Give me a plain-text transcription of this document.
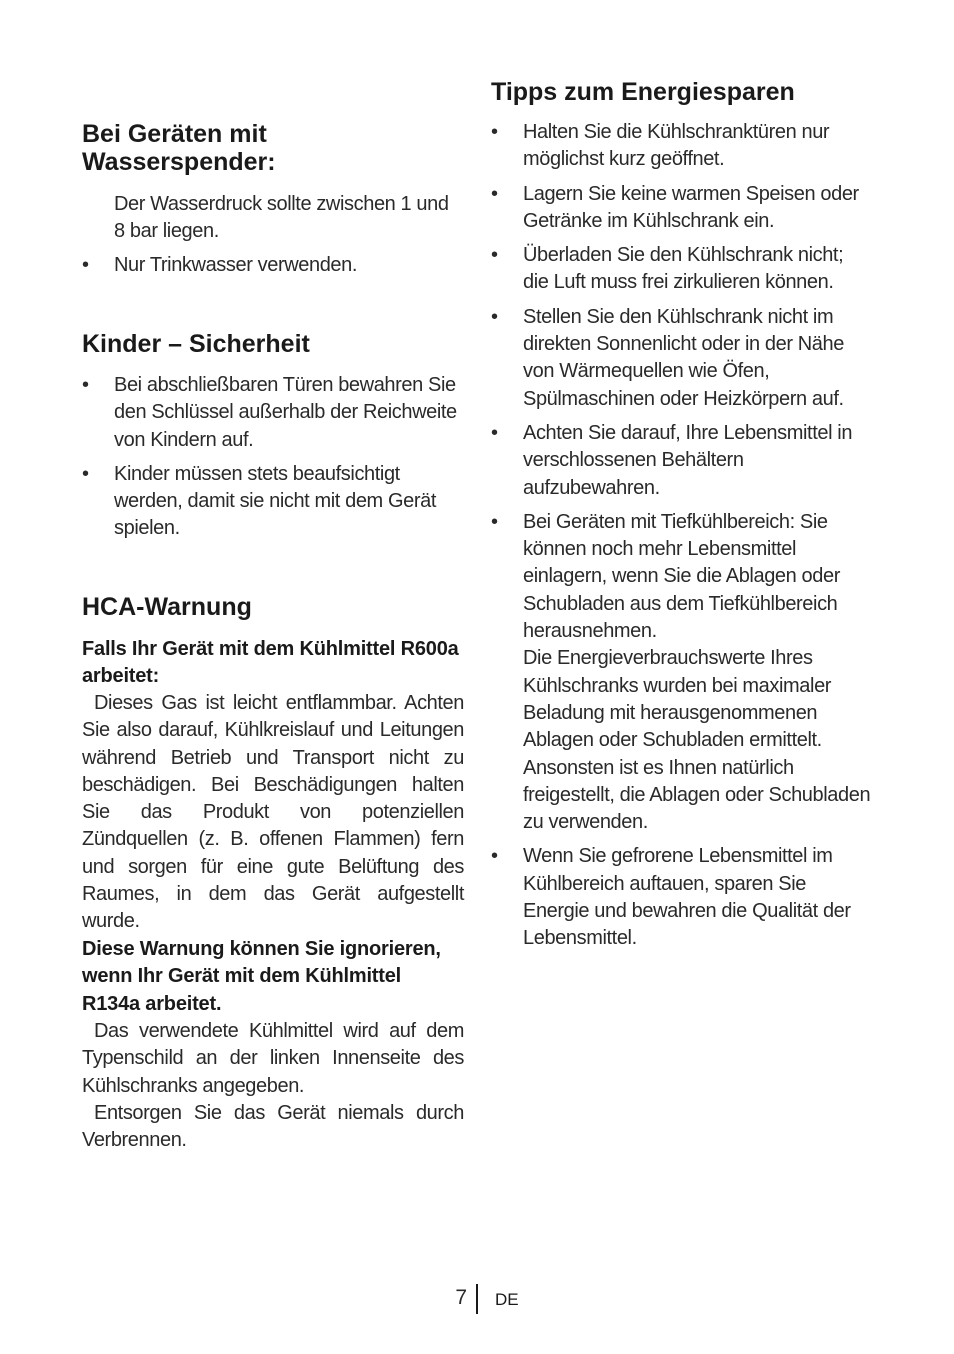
Bei Geräten mit Wasserspender:

Der Wasserdruck sollte zwischen 1 und 8 bar liegen.

• Nur Trinkwasser verwenden.
Kinder – Sicherheit
• Bei abschließbaren Türen bewahren Sie den Schlüssel außerhalb der Reichweite von Kindern auf.
• Kinder müssen stets beaufsichtigt werden, damit sie nicht mit dem Gerät spielen.
HCA-Warnung

Falls Ihr Gerät mit dem Kühlmittel R600a arbeitet:

Dieses Gas ist leicht entflammbar. Achten Sie also darauf, Kühlkreislauf und Leitungen während Betrieb und Transport nicht zu beschädigen. Bei Beschädigungen halten Sie das Produkt von potenziellen Zündquellen (z. B. offenen Flammen) fern und sorgen für eine gute Belüftung des Raumes, in dem das Gerät aufgestellt wurde.

Diese Warnung können Sie ignorieren, wenn Ihr Gerät mit dem Kühlmittel R134a arbeitet.

Das verwendete Kühlmittel wird auf dem Typenschild an der linken Innenseite des Kühlschranks angegeben.

Entsorgen Sie das Gerät niemals durch Verbrennen.

Tipps zum Energiesparen
• Halten Sie die Kühlschranktüren nur möglichst kurz geöffnet.
• Lagern Sie keine warmen Speisen oder Getränke im Kühlschrank ein.
• Überladen Sie den Kühlschrank nicht; die Luft muss frei zirkulieren können.
• Stellen Sie den Kühlschrank nicht im direkten Sonnenlicht oder in der Nähe von Wärmequellen wie Öfen, Spülmaschinen oder Heizkörpern auf.
• Achten Sie darauf, Ihre Lebensmittel in verschlossenen Behältern aufzubewahren.
• Bei Geräten mit Tiefkühlbereich: Sie können noch mehr Lebensmittel einlagern, wenn Sie die Ablagen oder Schubladen aus dem Tiefkühlbereich herausnehmen.
Die Energieverbrauchswerte Ihres Kühlschranks wurden bei maximaler Beladung mit herausgenommenen Ablagen oder Schubladen ermittelt. Ansonsten ist es Ihnen natürlich freigestellt, die Ablagen oder Schubladen zu verwenden.
• Wenn Sie gefrorene Lebensmittel im Kühlbereich auftauen, sparen Sie Energie und bewahren die Qualität der Lebensmittel.
7 DE
